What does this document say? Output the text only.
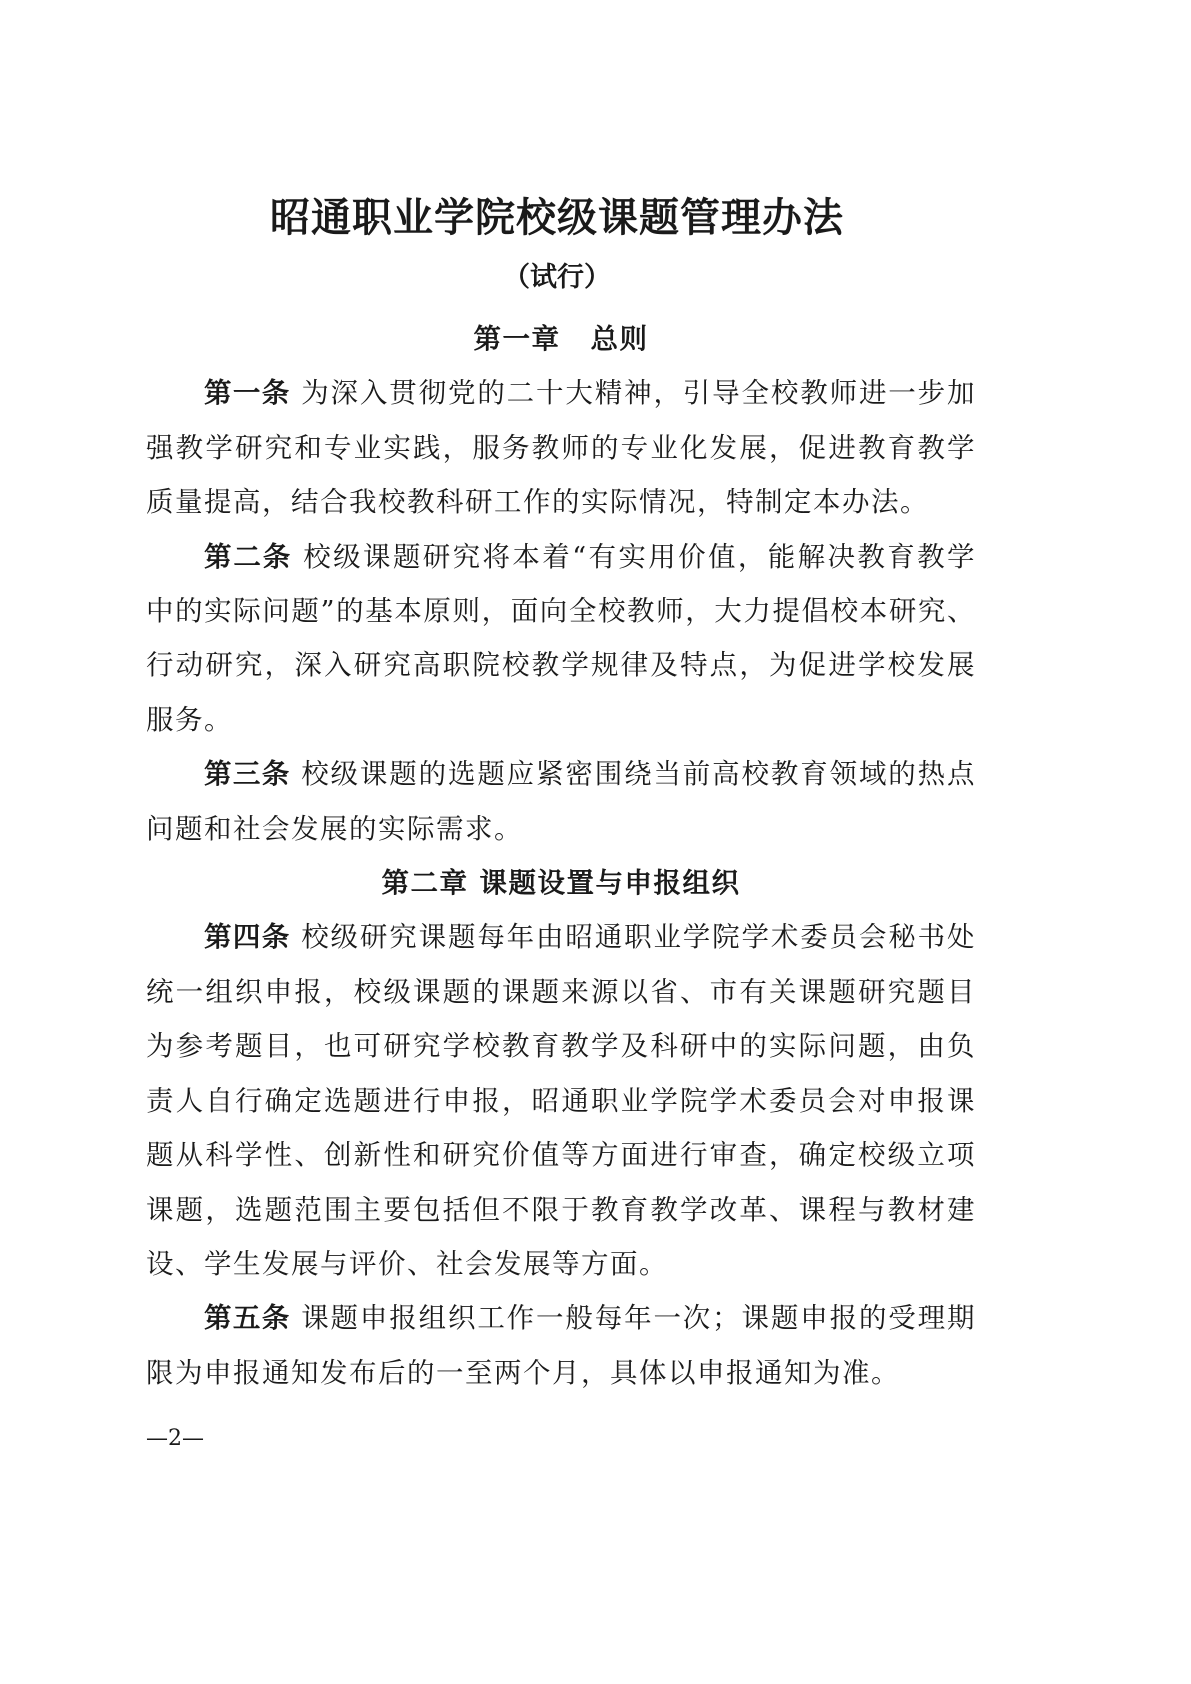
昭通职业学院校级课题管理办法
（试行）
第一章 总则

第一条 为深入贯彻党的二十大精神，引导全校教师进一步加强教学研究和专业实践，服务教师的专业化发展，促进教育教学质量提高，结合我校教科研工作的实际情况，特制定本办法。

第二条 校级课题研究将本着“有实用价值，能解决教育教学中的实际问题”的基本原则，面向全校教师，大力提倡校本研究、行动研究，深入研究高职院校教学规律及特点，为促进学校发展服务。

第三条 校级课题的选题应紧密围绕当前高校教育领域的热点问题和社会发展的实际需求。

第二章 课题设置与申报组织

第四条 校级研究课题每年由昭通职业学院学术委员会秘书处统一组织申报，校级课题的课题来源以省、市有关课题研究题目为参考题目，也可研究学校教育教学及科研中的实际问题，由负责人自行确定选题进行申报，昭通职业学院学术委员会对申报课题从科学性、创新性和研究价值等方面进行审查，确定校级立项课题，选题范围主要包括但不限于教育教学改革、课程与教材建设、学生发展与评价、社会发展等方面。

第五条 课题申报组织工作一般每年一次；课题申报的受理期限为申报通知发布后的一至两个月，具体以申报通知为准。

—2—
